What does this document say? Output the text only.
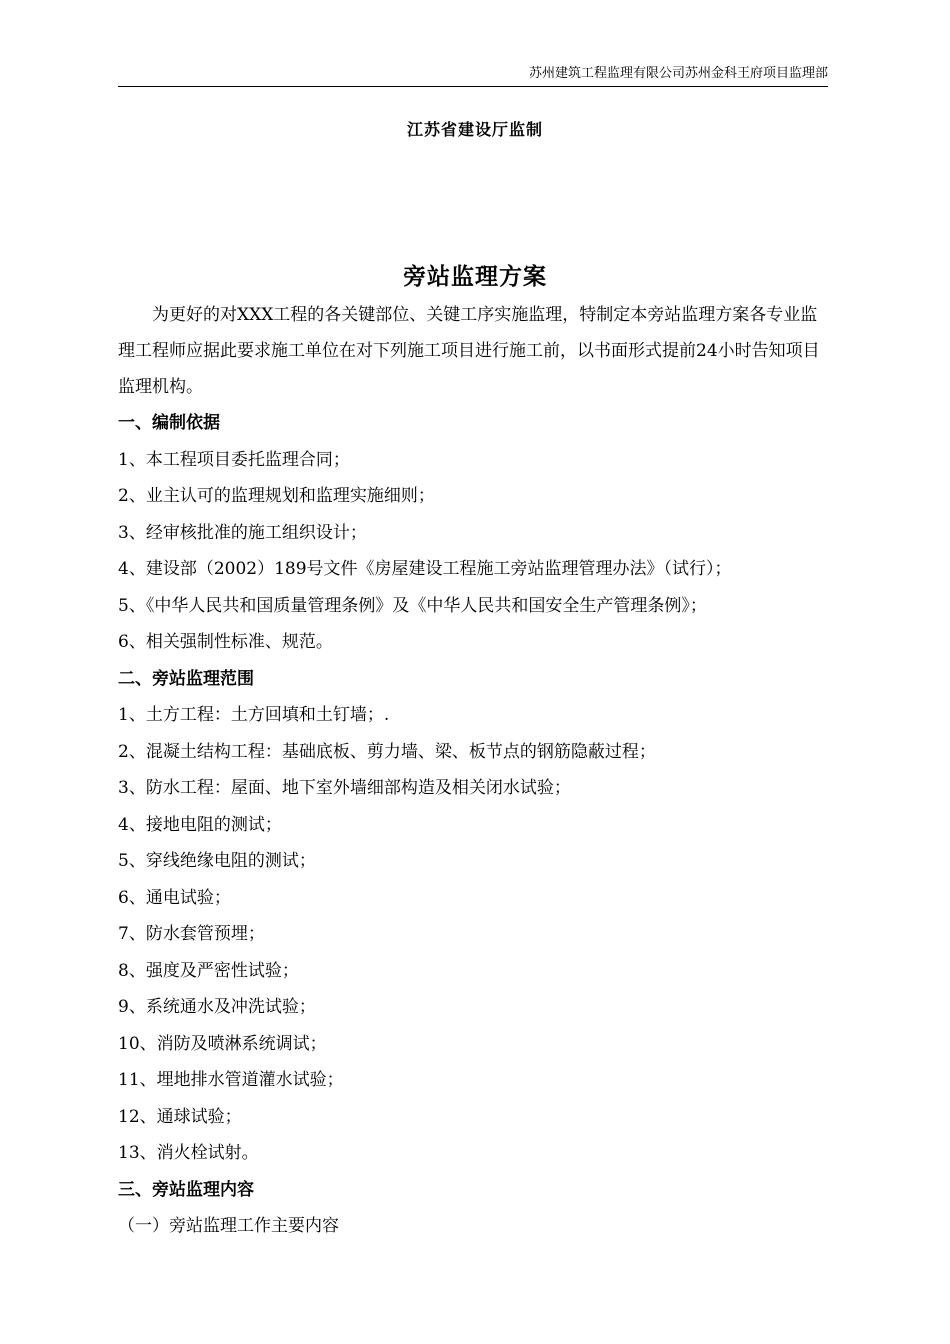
苏州建筑工程监理有限公司苏州金科王府项目监理部
江苏省建设厅监制
旁站监理方案

为更好的对XXX工程的各关键部位、关键工序实施监理，特制定本旁站监理方案各专业监理工程师应据此要求施工单位在对下列施工项目进行施工前，以书面形式提前24小时告知项目监理机构。

一、编制依据
1、本工程项目委托监理合同；
2、业主认可的监理规划和监理实施细则；
3、经审核批准的施工组织设计；
4、建设部（2002）189号文件《房屋建设工程施工旁站监理管理办法》（试行）；
5、《中华人民共和国质量管理条例》及《中华人民共和国安全生产管理条例》；
6、相关强制性标准、规范。
二、旁站监理范围
1、土方工程：土方回填和土钉墙；.
2、混凝土结构工程：基础底板、剪力墙、梁、板节点的钢筋隐蔽过程；
3、防水工程：屋面、地下室外墙细部构造及相关闭水试验；
4、接地电阻的测试；
5、穿线绝缘电阻的测试；
6、通电试验；
7、防水套管预埋；
8、强度及严密性试验；
9、系统通水及冲洗试验；
10、消防及喷淋系统调试；
11、埋地排水管道灌水试验；
12、通球试验；
13、消火栓试射。
三、旁站监理内容
（一）旁站监理工作主要内容
